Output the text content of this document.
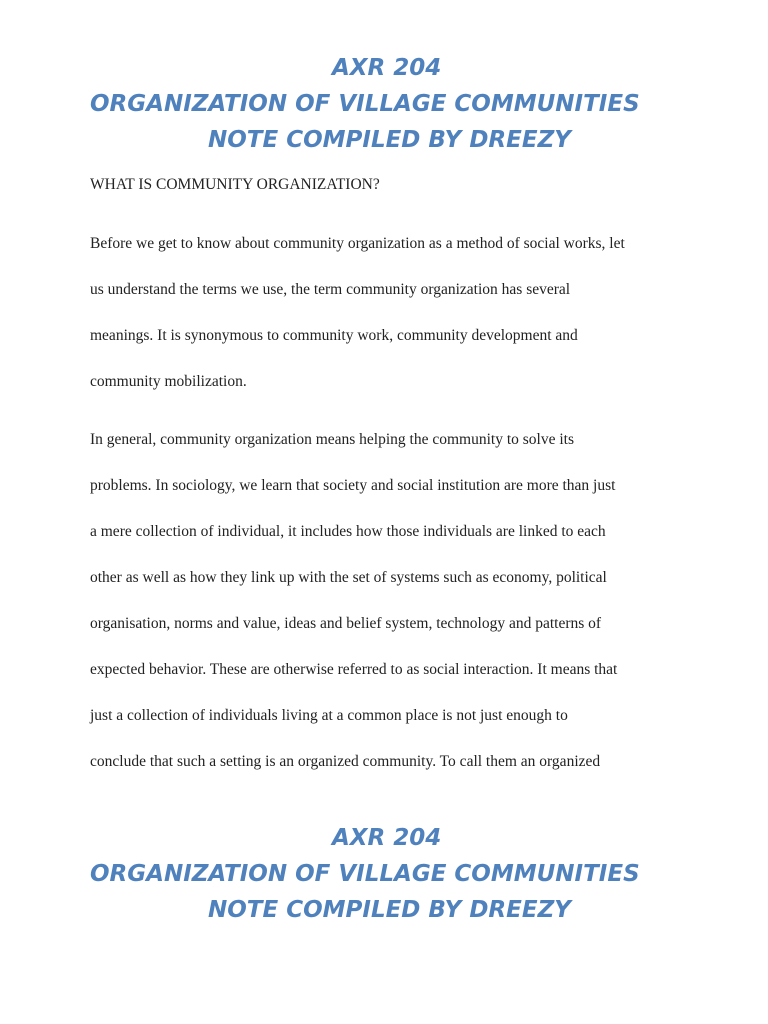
AXR 204
ORGANIZATION OF VILLAGE COMMUNITIES
NOTE COMPILED BY DREEZY
WHAT IS COMMUNITY ORGANIZATION?
Before we get to know about community organization as a method of social works, let
us understand the terms we use, the term community organization has several
meanings. It is synonymous to community work, community development and
community mobilization.
In general, community organization means helping the community to solve its
problems. In sociology, we learn that society and social institution are more than just
a mere collection of individual, it includes how those individuals are linked to each
other as well as how they link up with the set of systems such as economy, political
organisation, norms and value, ideas and belief system, technology and patterns of
expected behavior. These are otherwise referred to as social interaction. It means that
just a collection of individuals living at a common place is not just enough to
conclude that such a setting is an organized community. To call them an organized
AXR 204
ORGANIZATION OF VILLAGE COMMUNITIES
NOTE COMPILED BY DREEZY
